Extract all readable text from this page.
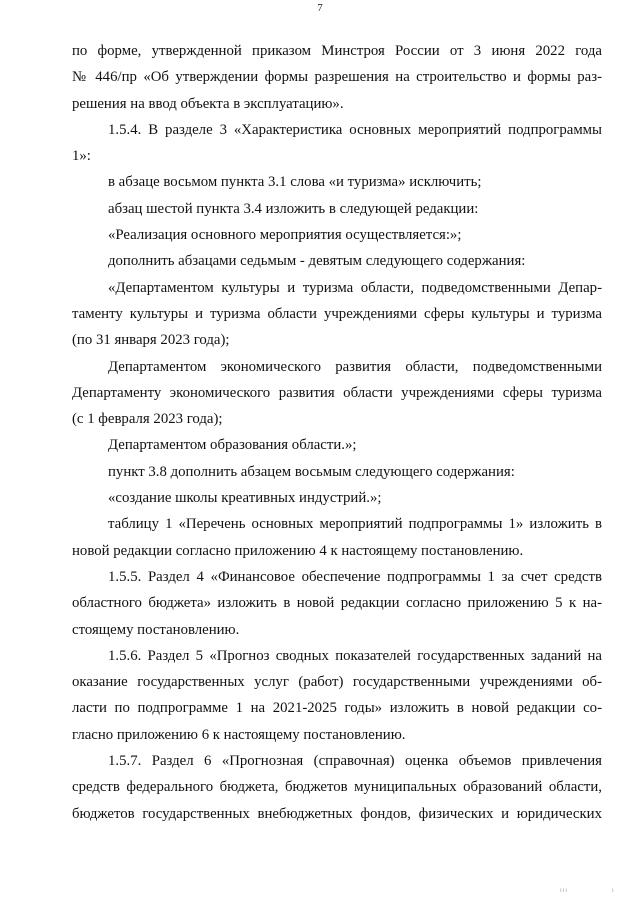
7
по форме, утвержденной приказом Минстроя России от 3 июня 2022 года
№ 446/пр «Об утверждении формы разрешения на строительство и формы раз-
решения на ввод объекта в эксплуатацию».
1.5.4. В разделе 3 «Характеристика основных мероприятий подпрограммы
1»:
в абзаце восьмом пункта 3.1 слова «и туризма» исключить;
абзац шестой пункта 3.4 изложить в следующей редакции:
«Реализация основного мероприятия осуществляется:»;
дополнить абзацами седьмым - девятым следующего содержания:
«Департаментом культуры и туризма области, подведомственными Депар-
таменту культуры и туризма области учреждениями сферы культуры и туризма
(по 31 января 2023 года);
Департаментом экономического развития области, подведомственными
Департаменту экономического развития области учреждениями сферы туризма
(с 1 февраля 2023 года);
Департаментом образования области.»;
пункт 3.8 дополнить абзацем восьмым следующего содержания:
«создание школы креативных индустрий.»;
таблицу 1 «Перечень основных мероприятий подпрограммы 1» изложить в
новой редакции согласно приложению 4 к настоящему постановлению.
1.5.5. Раздел 4 «Финансовое обеспечение подпрограммы 1 за счет средств
областного бюджета» изложить в новой редакции согласно приложению 5 к на-
стоящему постановлению.
1.5.6. Раздел 5 «Прогноз сводных показателей государственных заданий на
оказание государственных услуг (работ) государственными учреждениями об-
ласти по подпрограмме 1 на 2021-2025 годы» изложить в новой редакции со-
гласно приложению 6 к настоящему постановлению.
1.5.7. Раздел 6 «Прогнозная (справочная) оценка объемов привлечения
средств федерального бюджета, бюджетов муниципальных образований области,
бюджетов государственных внебюджетных фондов, физических и юридических
ııı	ı
